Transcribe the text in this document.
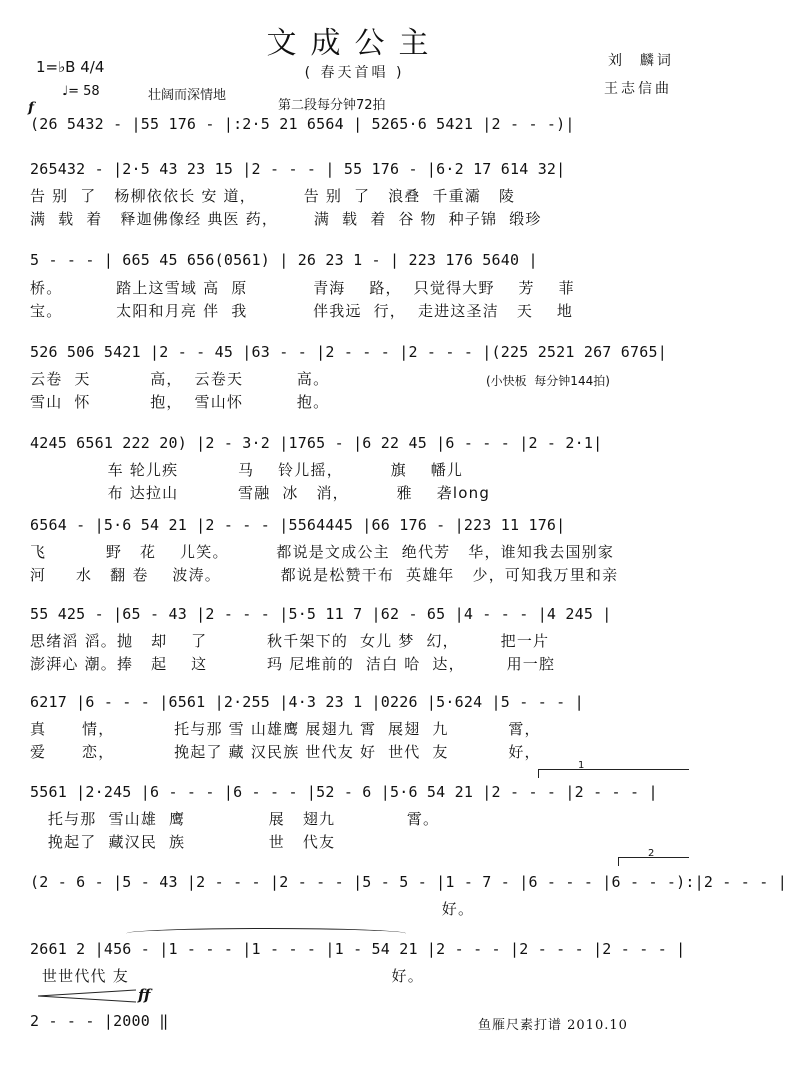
文成公主
( 春天首唱 )
刘  麟词
王志信曲
1=♭B 4/4
♩= 58	壮阔而深情地
第二段每分钟72拍
f
(26 5432 - |55 176 - |:2·5 21 6564 | 5265·6 5421 |2 - - -)|
265432 - |2·5 43 23 15 |2 - - - | 55 176 - |6·2 17 614 32|
告 别  了   杨柳依依长 安 道，        告 别  了   浪叠  千重灞   陵
满  载  着   释迦佛像经 典医 药，      满  载  着  谷 物  种子锦  缎珍
5 - - - | 665 45 656(0561) | 26 23 1 - | 223 176 5640 |
桥。         踏上这雪域 高  原           青海    路，  只觉得大野    芳    菲
宝。         太阳和月亮 伴  我           伴我远  行，  走进这圣洁   天    地
526 506 5421 |2 - - 45 |63 - - |2 - - - |2 - - - |(225 2521 267 6765|
云卷  天          高，  云卷天         高。
雪山  怀          抱，  雪山怀         抱。
(小快板  每分钟144拍)
4245 6561 222 20) |2 - 3·2 |1765 - |6 22 45 |6 - - - |2 - 2·1|
车 轮儿疾          马    铃儿摇，        旗    幡儿
布 达拉山          雪融  冰   消，        雅    砻long
6564 - |5·6 54 21 |2 - - - |5564445 |66 176 - |223 11 176|
飞          野   花    儿笑。        都说是文成公主  绝代芳   华，谁知我去国别家
河     水   翻 卷    波涛。          都说是松赞干布  英雄年   少，可知我万里和亲
55 425 - |65 - 43 |2 - - - |5·5 11 7 |62 - 65 |4 - - - |4 245 |
思绪滔 滔。抛   却    了          秋千架下的  女儿 梦  幻，       把一片
澎湃心 潮。捧   起    这          玛 尼堆前的  洁白 哈  达，       用一腔
6217 |6 - - - |6561 |2·255 |4·3 23 1 |0226 |5·624 |5 - - - |
真      情，          托与那 雪 山雄鹰 展翅九 霄  展翅  九          霄，
爱      恋，          挽起了 藏 汉民族 世代友 好  世代  友          好，
1
5561 |2·245 |6 - - - |6 - - - |52 - 6 |5·6 54 21 |2 - - - |2 - - - |
托与那  雪山雄  鹰              展   翅九            霄。
挽起了  藏汉民  族              世   代友
2
(2 - 6 - |5 - 43 |2 - - - |2 - - - |5 - 5 - |1 - 7 - |6 - - - |6 - - -):|2 - - - |
好。
2661 2 |456 - |1 - - - |1 - - - |1 - 54 21 |2 - - - |2 - - - |2 - - - |
世世代代 友                                            好。
ff
2 - - - |2000 ‖	鱼雁尺素打谱 2010.10
